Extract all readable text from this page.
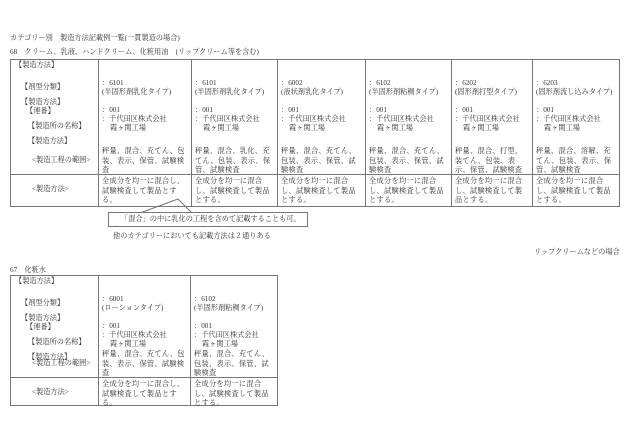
カテゴリー別　製造方法記載例一覧(一貫製造の場合)
68　クリーム、乳液、ハンドクリーム、化粧用油　(リップクリーム等を含む)
【製造方法】
【剤型分類】
【製造方法】
【連番】
【製造所の名称】
【製造方法】
<製造工程の範囲>
<製造方法>
：6101
(半固形剤乳化タイプ)
：001
：千代田区株式会社
霞ヶ関工場
秤量、混合、充てん、包装、表示、保管、試験検査
全成分を均一に混合し、試験検査して製品とする。
：6101
(半固形剤乳化タイプ)
：001
：千代田区株式会社
霞ヶ関工場
秤量、混合、乳化、充てん、包装、表示、保管、試験検査
全成分を均一に混合し、試験検査して製品とする。
：6002
(液状剤乳化タイプ)
：001
：千代田区株式会社
霞ヶ関工場
秤量、混合、充てん、包装、表示、保管、試験検査
全成分を均一に混合し、試験検査して製品とする。
：6102
(半固形剤粘稠タイプ)
：001
：千代田区株式会社
霞ヶ関工場
秤量、混合、充てん、包装、表示、保管、試験検査
全成分を均一に混合し、試験検査して製品とする。
：6202
(固形剤打型タイプ)
：001
：千代田区株式会社
霞ヶ関工場
秤量、混合、打型、装てん、包装、表示、保管、試験検査
全成分を均一に混合し、試験検査して製品とする。
：6203
(固形剤流し込みタイプ)
：001
：千代田区株式会社
霞ヶ関工場
秤量、混合、溶解、充てん、包装、表示、保管、試験検査
全成分を均一に混合し、試験検査して製品とする。
「混合」の中に乳化の工程を含めて記載することも可。
他のカテゴリーにおいても記載方法は２通りある
リップクリームなどの場合
67　化粧水
【製造方法】
【剤型分類】
【製造方法】
【連番】
【製造所の名称】
【製造方法】
<製造工程の範囲>
<製造方法>
：6001
(ローションタイプ)
：001
：千代田区株式会社
霞ヶ関工場
秤量、混合、充てん、包装、表示、保管、試験検査
全成分を均一に混合し、試験検査して製品とする。
：6102
(半固形剤粘稠タイプ)
：001
：千代田区株式会社
霞ヶ関工場
秤量、混合、充てん、包装、表示、保管、試験検査
全成分を均一に混合し、試験検査して製品とする。
